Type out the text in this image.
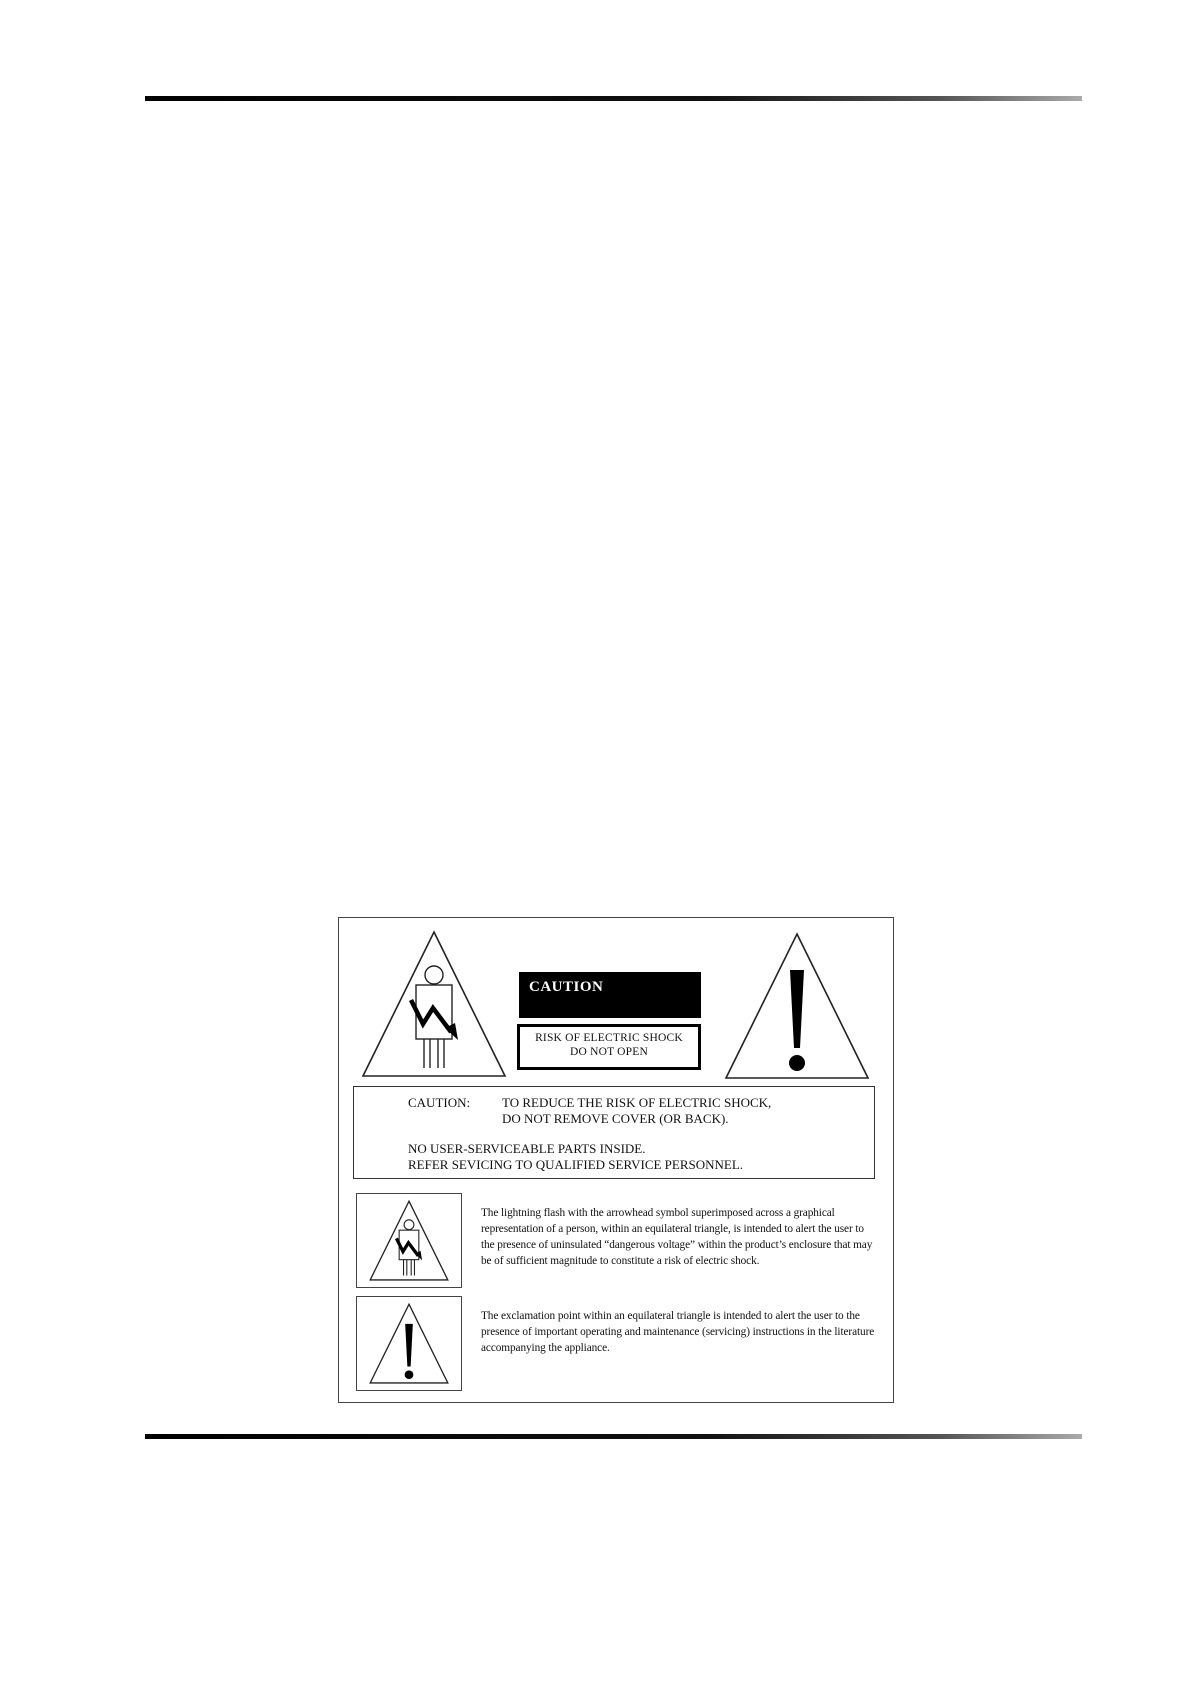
CAUTION
RISK OF ELECTRIC SHOCK
DO NOT OPEN
CAUTION: TO REDUCE THE RISK OF ELECTRIC SHOCK,
DO NOT REMOVE COVER (OR BACK).
NO USER-SERVICEABLE PARTS INSIDE.
REFER SEVICING TO QUALIFIED SERVICE PERSONNEL.
The lightning flash with the arrowhead symbol superimposed across a graphical representation of a person, within an equilateral triangle, is intended to alert the user to the presence of uninsulated “dangerous voltage” within the product’s enclosure that may be of sufficient magnitude to constitute a risk of electric shock.
The exclamation point within an equilateral triangle is intended to alert the user to the presence of important operating and maintenance (servicing) instructions in the literature accompanying the appliance.
